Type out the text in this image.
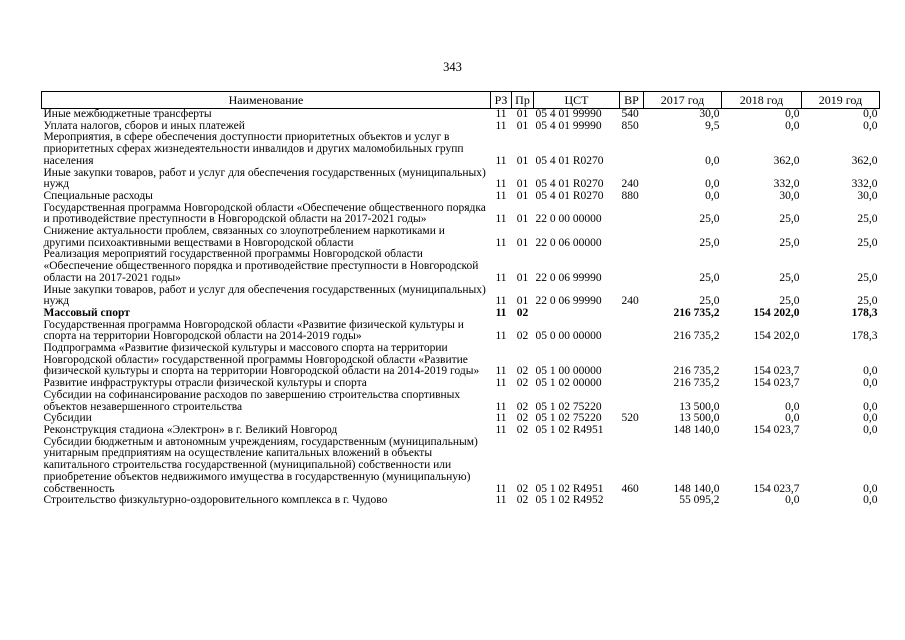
343
Наименование	РЗ	Пр	ЦСТ	ВР	2017 год	2018 год	2019 год
Иные межбюджетные трансферты	11	01	05 4 01 99990	540	30,0	0,0	0,0
Уплата налогов, сборов и иных платежей	11	01	05 4 01 99990	850	9,5	0,0	0,0
Мероприятия, в сфере обеспечения доступности приоритетных объектов и услуг в приоритетных сферах жизнедеятельности инвалидов и других маломобильных групп населения	11	01	05 4 01 R0270		0,0	362,0	362,0
Иные закупки товаров, работ и услуг для обеспечения государственных (муниципальных) нужд	11	01	05 4 01 R0270	240	0,0	332,0	332,0
Специальные расходы	11	01	05 4 01 R0270	880	0,0	30,0	30,0
Государственная программа Новгородской области «Обеспечение общественного порядка и противодействие преступности в Новгородской области на 2017-2021 годы»	11	01	22 0 00 00000		25,0	25,0	25,0
Снижение актуальности проблем, связанных со злоупотреблением наркотиками и другими психоактивными веществами в Новгородской области	11	01	22 0 06 00000		25,0	25,0	25,0
Реализация мероприятий государственной программы Новгородской области «Обеспечение общественного порядка и противодействие преступности в Новгородской области на 2017-2021 годы»	11	01	22 0 06 99990		25,0	25,0	25,0
Иные закупки товаров, работ и услуг для обеспечения государственных (муниципальных) нужд	11	01	22 0 06 99990	240	25,0	25,0	25,0
Массовый спорт	11	02			216 735,2	154 202,0	178,3
Государственная программа Новгородской области «Развитие физической культуры и спорта на территории Новгородской области на 2014-2019 годы»	11	02	05 0 00 00000		216 735,2	154 202,0	178,3
Подпрограмма «Развитие физической культуры и массового спорта на территории Новгородской области» государственной программы Новгородской области «Развитие физической культуры и спорта на территории Новгородской области на 2014-2019 годы»	11	02	05 1 00 00000		216 735,2	154 023,7	0,0
Развитие инфраструктуры отрасли физической культуры и спорта	11	02	05 1 02 00000		216 735,2	154 023,7	0,0
Субсидии на софинансирование расходов по завершению строительства спортивных объектов незавершенного строительства	11	02	05 1 02 75220		13 500,0	0,0	0,0
Субсидии	11	02	05 1 02 75220	520	13 500,0	0,0	0,0
Реконструкция стадиона «Электрон» в г. Великий Новгород	11	02	05 1 02 R4951		148 140,0	154 023,7	0,0
Субсидии бюджетным и автономным учреждениям, государственным (муниципальным) унитарным предприятиям на осуществление капитальных вложений в объекты капитального строительства государственной (муниципальной) собственности или приобретение объектов недвижимого имущества в государственную (муниципальную) собственность	11	02	05 1 02 R4951	460	148 140,0	154 023,7	0,0
Строительство физкультурно-оздоровительного комплекса в г. Чудово	11	02	05 1 02 R4952		55 095,2	0,0	0,0
